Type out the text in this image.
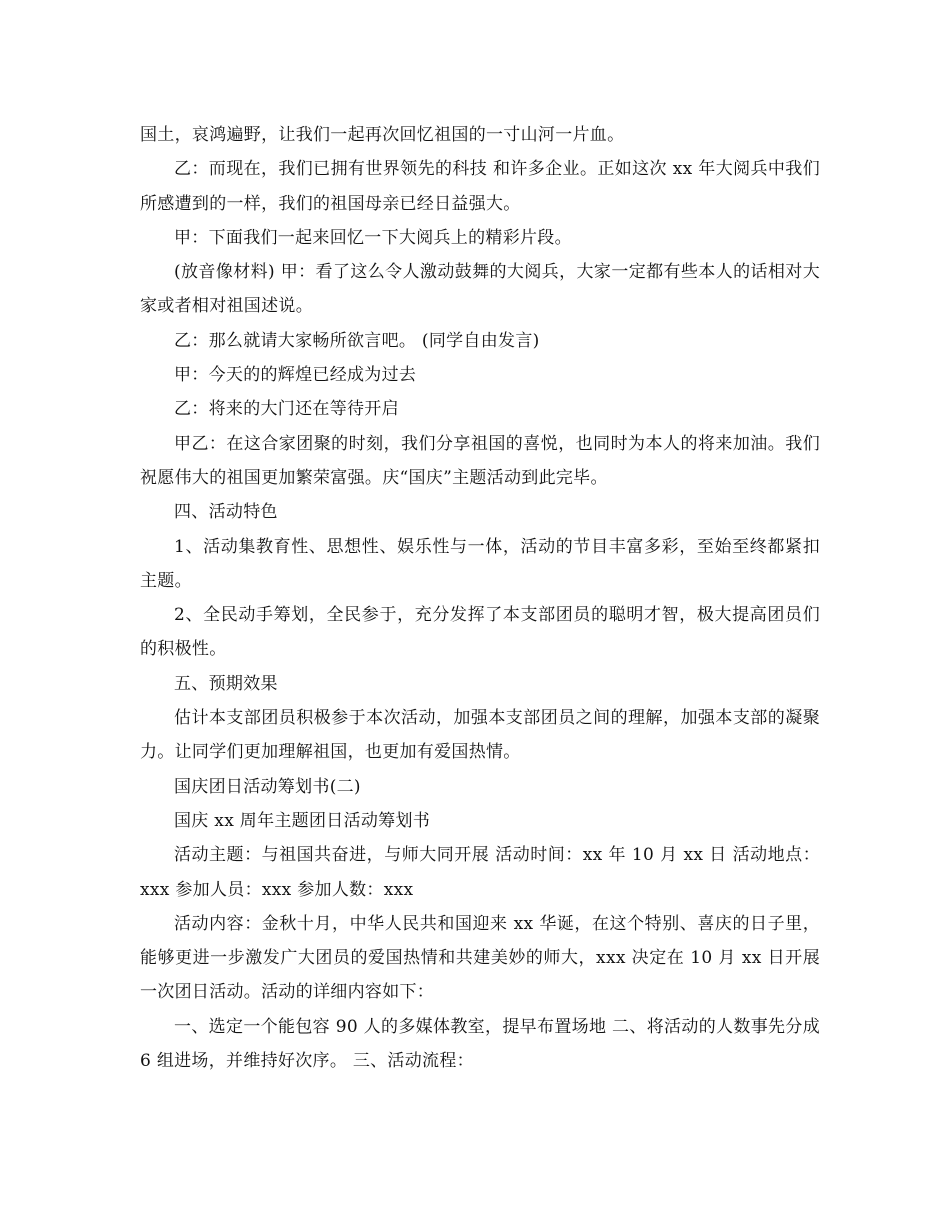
国土，哀鸿遍野，让我们一起再次回忆祖国的一寸山河一片血。

乙：而现在，我们已拥有世界领先的科技 和许多企业。正如这次 xx 年大阅兵中我们所感遭到的一样，我们的祖国母亲已经日益强大。

甲：下面我们一起来回忆一下大阅兵上的精彩片段。

(放音像材料) 甲：看了这么令人激动鼓舞的大阅兵，大家一定都有些本人的话相对大家或者相对祖国述说。

乙：那么就请大家畅所欲言吧。 (同学自由发言)

甲：今天的的辉煌已经成为过去

乙：将来的大门还在等待开启

甲乙：在这合家团聚的时刻，我们分享祖国的喜悦，也同时为本人的将来加油。我们祝愿伟大的祖国更加繁荣富强。庆“国庆”主题活动到此完毕。

四、活动特色

1、活动集教育性、思想性、娱乐性与一体，活动的节目丰富多彩，至始至终都紧扣主题。

2、全民动手筹划，全民参于，充分发挥了本支部团员的聪明才智，极大提高团员们的积极性。

五、预期效果

估计本支部团员积极参于本次活动，加强本支部团员之间的理解，加强本支部的凝聚力。让同学们更加理解祖国，也更加有爱国热情。

国庆团日活动筹划书(二)

国庆 xx 周年主题团日活动筹划书

活动主题：与祖国共奋进，与师大同开展 活动时间：xx 年 10 月 xx 日 活动地点：xxx 参加人员：xxx 参加人数：xxx

活动内容：金秋十月，中华人民共和国迎来 xx 华诞，在这个特别、喜庆的日子里，能够更进一步激发广大团员的爱国热情和共建美妙的师大，xxx 决定在 10 月 xx 日开展一次团日活动。活动的详细内容如下：

一、选定一个能包容 90 人的多媒体教室，提早布置场地 二、将活动的人数事先分成 6 组进场，并维持好次序。 三、活动流程：
